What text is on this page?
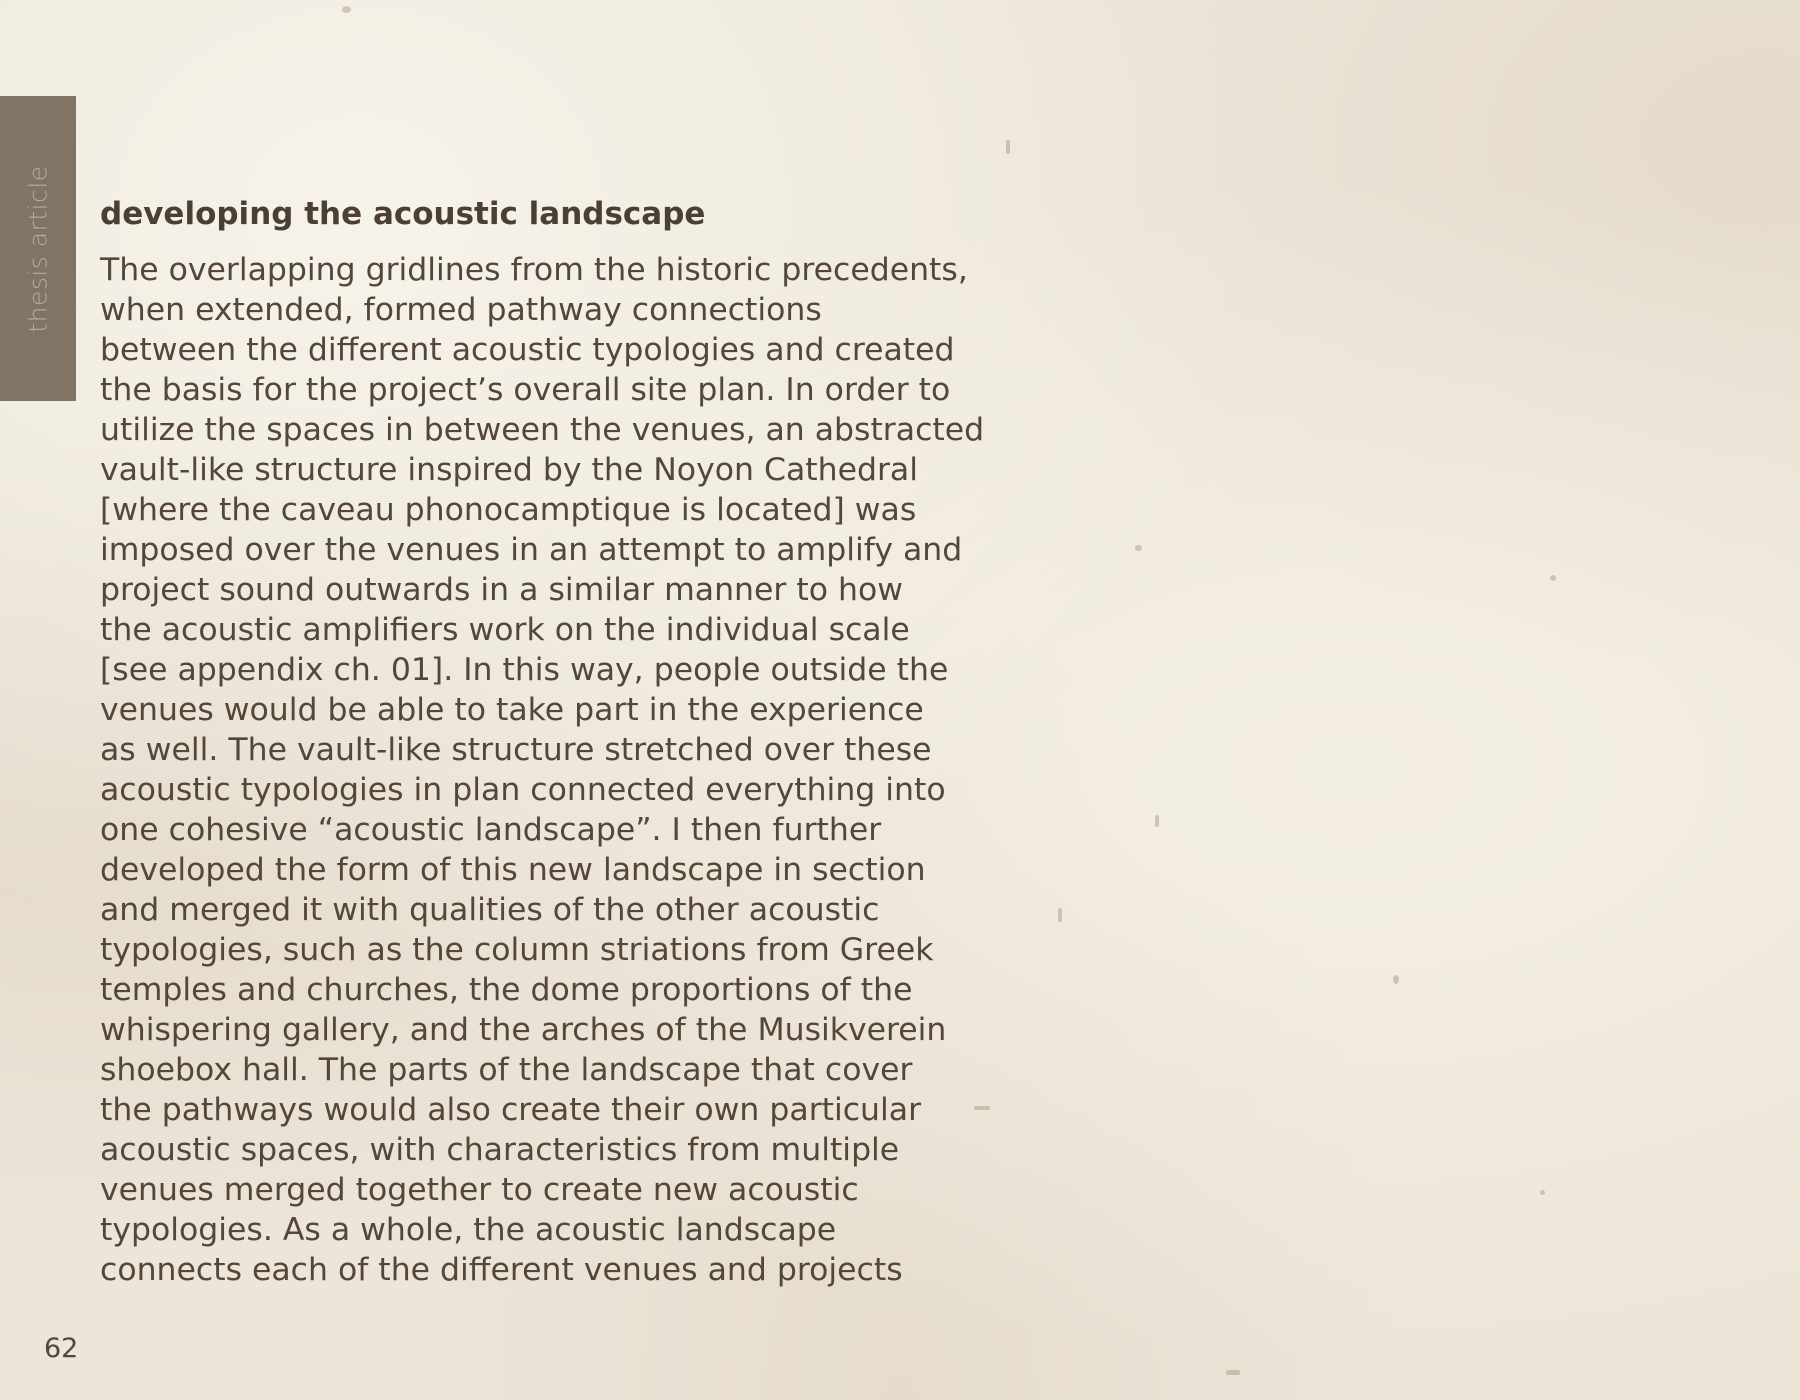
thesis article developing the acoustic landscape

The overlapping gridlines from the historic precedents,
when extended, formed pathway connections
between the different acoustic typologies and created
the basis for the project’s overall site plan. In order to
utilize the spaces in between the venues, an abstracted
vault-like structure inspired by the Noyon Cathedral
[where the caveau phonocamptique is located] was
imposed over the venues in an attempt to amplify and
project sound outwards in a similar manner to how
the acoustic amplifiers work on the individual scale
[see appendix ch. 01]. In this way, people outside the
venues would be able to take part in the experience
as well. The vault-like structure stretched over these
acoustic typologies in plan connected everything into
one cohesive “acoustic landscape”. I then further
developed the form of this new landscape in section
and merged it with qualities of the other acoustic
typologies, such as the column striations from Greek
temples and churches, the dome proportions of the
whispering gallery, and the arches of the Musikverein
shoebox hall. The parts of the landscape that cover
the pathways would also create their own particular
acoustic spaces, with characteristics from multiple
venues merged together to create new acoustic
typologies. As a whole, the acoustic landscape
connects each of the different venues and projects

62
